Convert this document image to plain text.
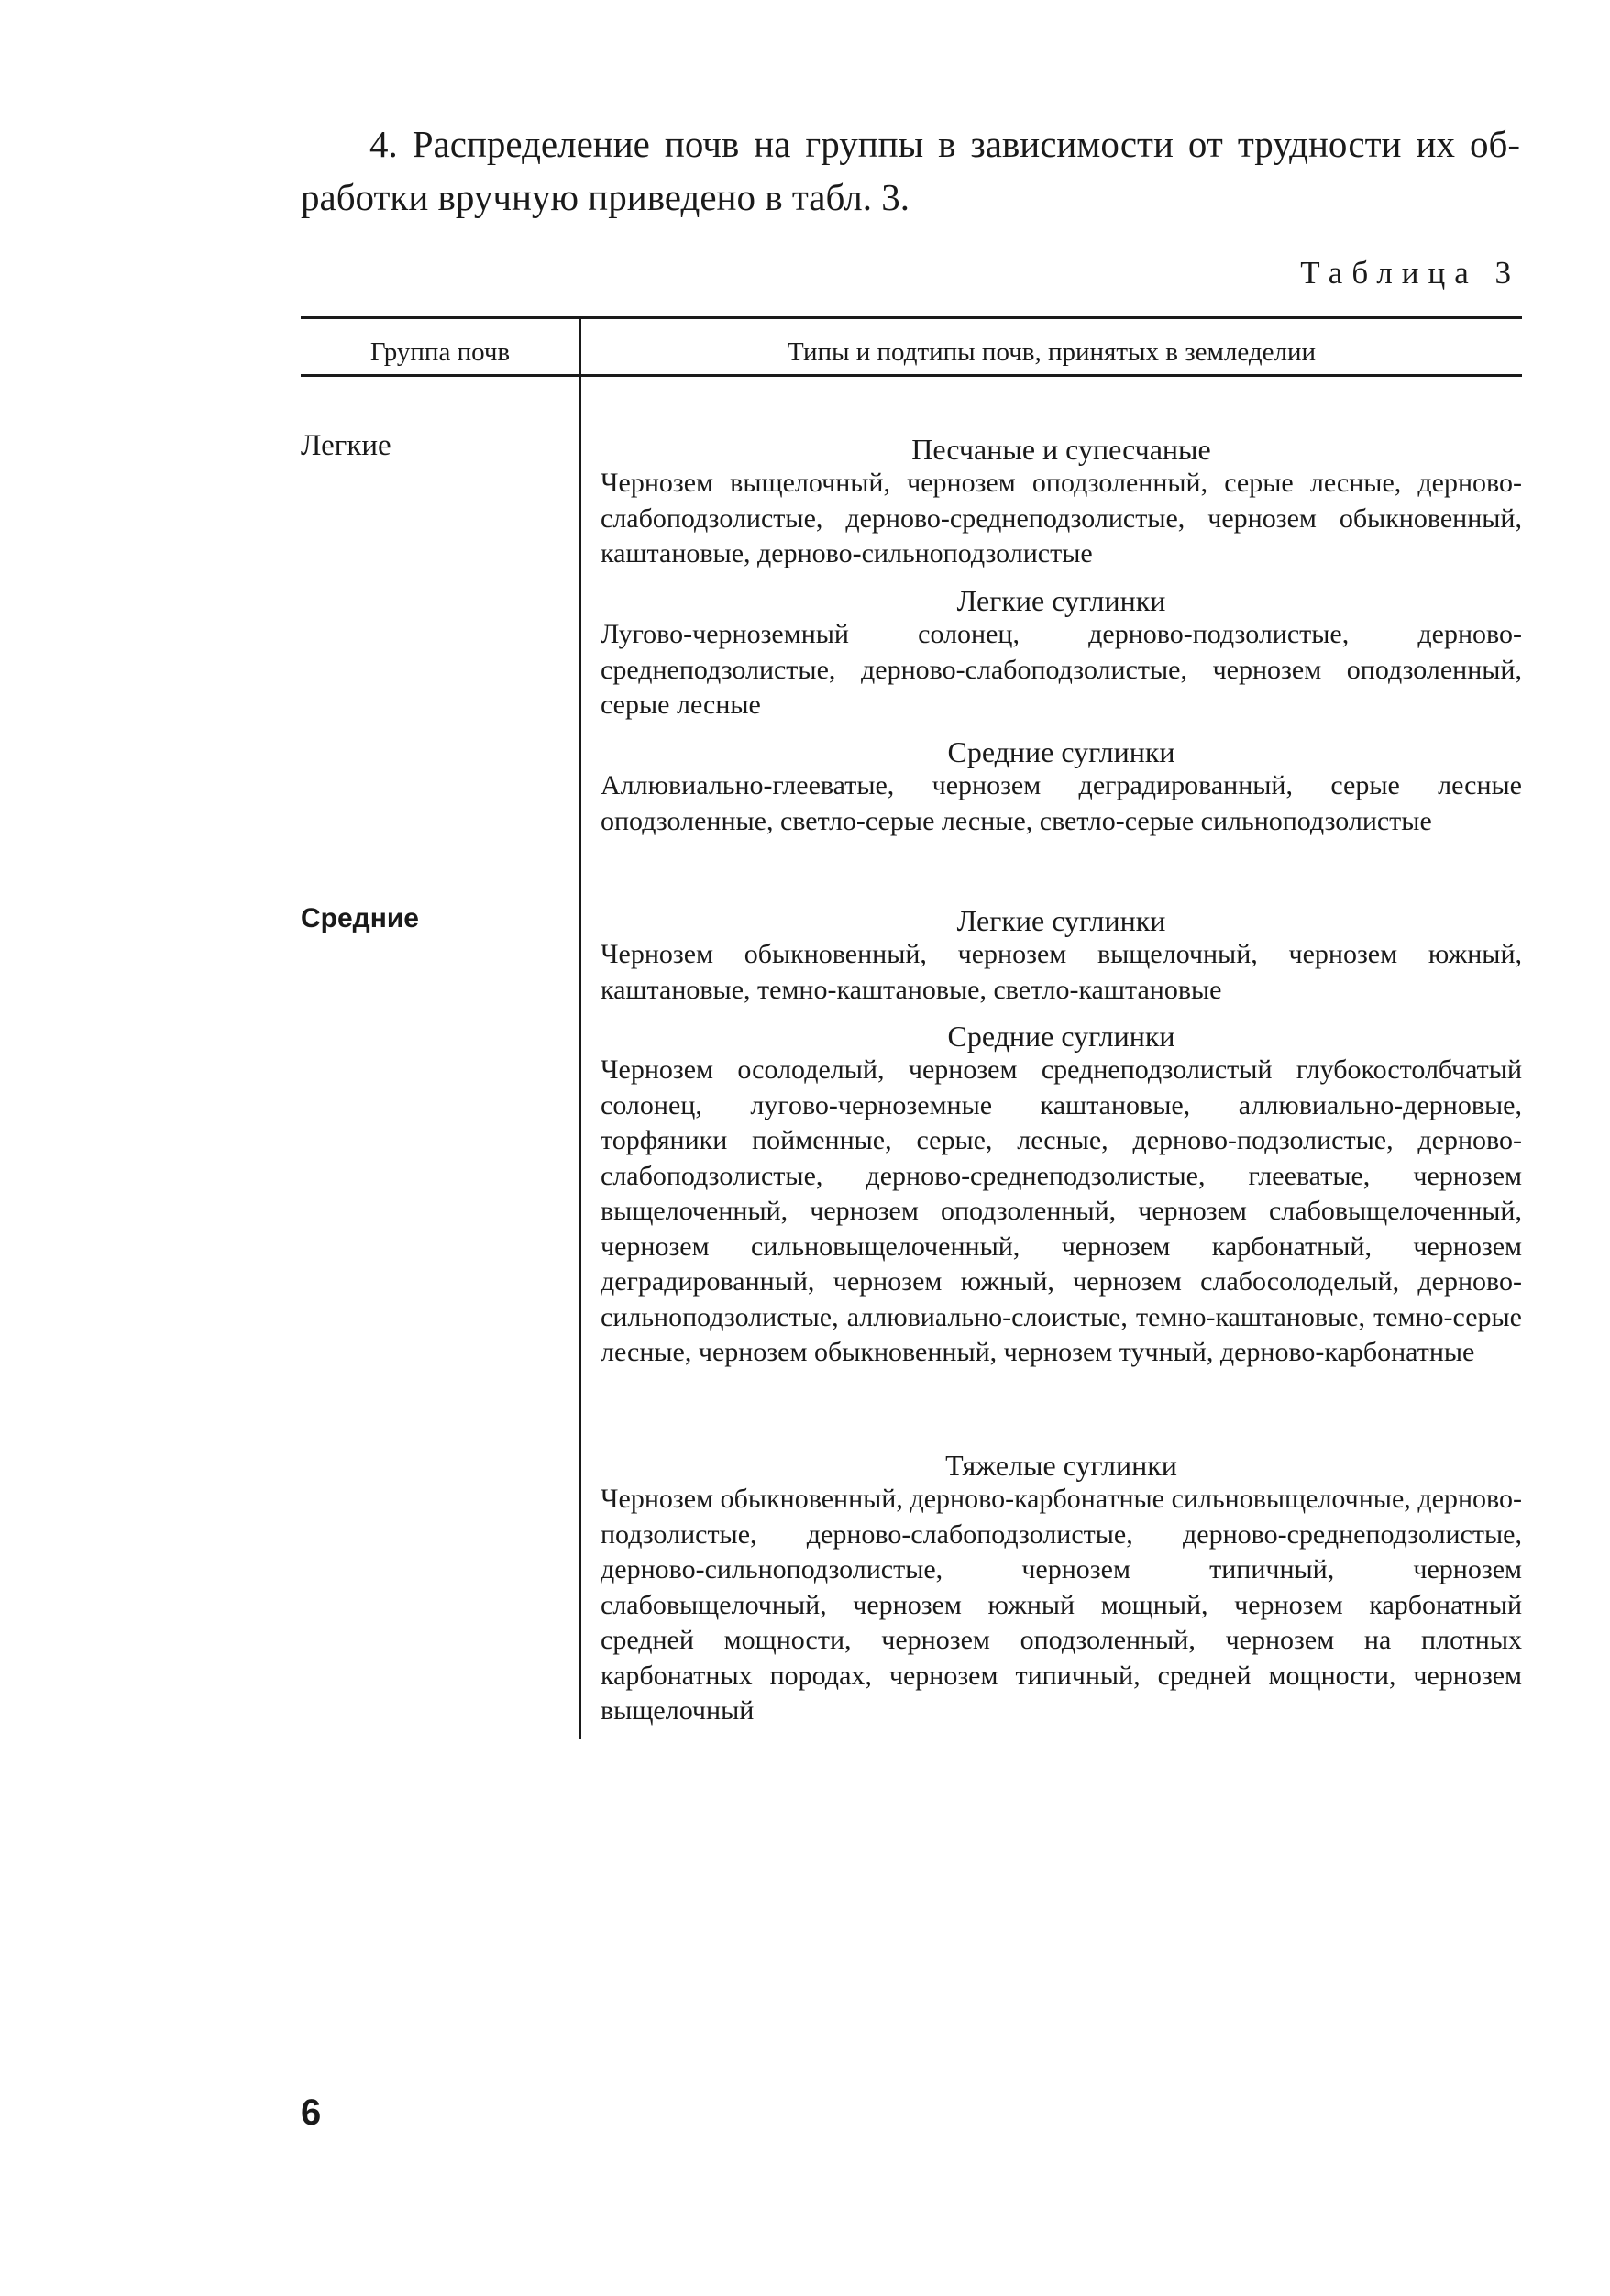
4. Распределение почв на группы в зависимости от трудности их об-
работки вручную приведено в табл. 3.
Таблица 3
Группа почв	Типы и подтипы почв, принятых в земледелии
Легкие	Песчаные и супесчаные
Чернозем выщелочный, чернозем оподзоленный, серые лесные, дерново-слабоподзолистые, дерново-среднеподзолистые, чернозем обыкновенный, каштановые, дерново-сильноподзолистые
Легкие суглинки
Лугово-черноземный солонец, дерново-подзолистые, дерново-среднеподзолистые, дерново-слабоподзолистые, чернозем оподзоленный, серые лесные
Средние суглинки
Аллювиально-глееватые, чернозем деградированный, серые лесные оподзоленные, светло-серые лесные, светло-серые сильноподзолистые
Средние	Легкие суглинки
Чернозем обыкновенный, чернозем выщелочный, чернозем южный, каштановые, темно-каштановые, светло-каштановые
Средние суглинки
Чернозем осолоделый, чернозем среднеподзолистый глубокостолбчатый солонец, лугово-черноземные каштановые, аллювиально-дерновые, торфяники пойменные, серые, лесные, дерново-подзолистые, дерново-слабоподзолистые, дерново-среднеподзолистые, глееватые, чернозем выщелоченный, чернозем оподзоленный, чернозем слабовыщелоченный, чернозем сильновыщелоченный, чернозем карбонатный, чернозем деградированный, чернозем южный, чернозем слабосолоделый, дерново-сильноподзолистые, аллювиально-слоистые, темно-каштановые, темно-серые лесные, чернозем обыкновенный, чернозем тучный, дерново-карбонатные
Тяжелые суглинки
Чернозем обыкновенный, дерново-карбонатные сильновыщелочные, дерново-подзолистые, дерново-слабоподзолистые, дерново-среднеподзолистые, дерново-сильноподзолистые, чернозем типичный, чернозем слабовыщелочный, чернозем южный мощный, чернозем карбонатный средней мощности, чернозем оподзоленный, чернозем на плотных карбонатных породах, чернозем типичный, средней мощности, чернозем выщелочный
6
